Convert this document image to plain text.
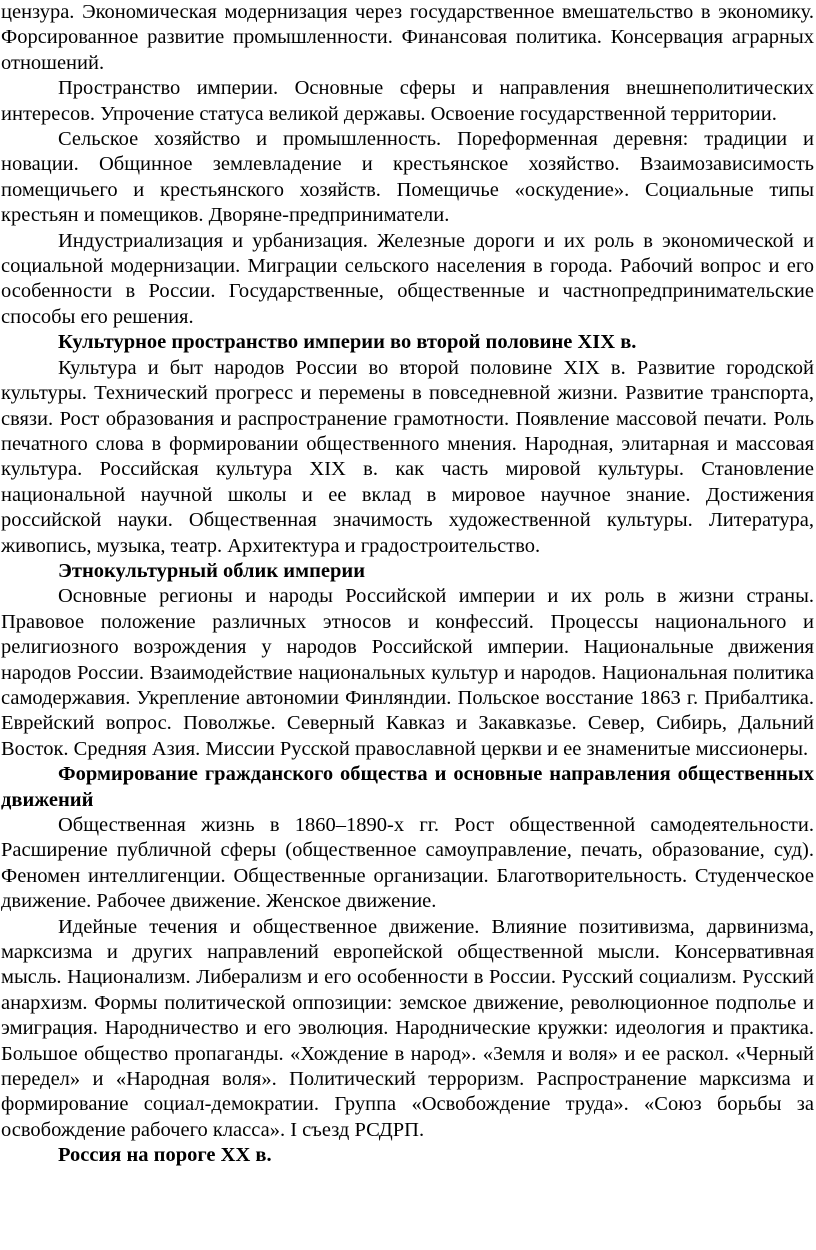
цензура. Экономическая модернизация через государственное вмешательство в экономику. Форсированное развитие промышленности. Финансовая политика. Консервация аграрных отношений.

Пространство империи. Основные сферы и направления внешнеполитических интересов. Упрочение статуса великой державы. Освоение государственной территории.

Сельское хозяйство и промышленность. Пореформенная деревня: традиции и новации. Общинное землевладение и крестьянское хозяйство. Взаимозависимость помещичьего и крестьянского хозяйств. Помещичье «оскудение». Социальные типы крестьян и помещиков. Дворяне-предприниматели.

Индустриализация и урбанизация. Железные дороги и их роль в экономической и социальной модернизации. Миграции сельского населения в города. Рабочий вопрос и его особенности в России. Государственные, общественные и частнопредпринимательские способы его решения.

Культурное пространство империи во второй половине XIX в.

Культура и быт народов России во второй половине XIX в. Развитие городской культуры. Технический прогресс и перемены в повседневной жизни. Развитие транспорта, связи. Рост образования и распространение грамотности. Появление массовой печати. Роль печатного слова в формировании общественного мнения. Народная, элитарная и массовая культура. Российская культура XIX в. как часть мировой культуры. Становление национальной научной школы и ее вклад в мировое научное знание. Достижения российской науки. Общественная значимость художественной культуры. Литература, живопись, музыка, театр. Архитектура и градостроительство.

Этнокультурный облик империи

Основные регионы и народы Российской империи и их роль в жизни страны. Правовое положение различных этносов и конфессий. Процессы национального и религиозного возрождения у народов Российской империи. Национальные движения народов России. Взаимодействие национальных культур и народов. Национальная политика самодержавия. Укрепление автономии Финляндии. Польское восстание 1863 г. Прибалтика. Еврейский вопрос. Поволжье. Северный Кавказ и Закавказье. Север, Сибирь, Дальний Восток. Средняя Азия. Миссии Русской православной церкви и ее знаменитые миссионеры.

Формирование гражданского общества и основные направления общественных движений

Общественная жизнь в 1860–1890-х гг. Рост общественной самодеятельности. Расширение публичной сферы (общественное самоуправление, печать, образование, суд). Феномен интеллигенции. Общественные организации. Благотворительность. Студенческое движение. Рабочее движение. Женское движение.

Идейные течения и общественное движение. Влияние позитивизма, дарвинизма, марксизма и других направлений европейской общественной мысли. Консервативная мысль. Национализм. Либерализм и его особенности в России. Русский социализм. Русский анархизм. Формы политической оппозиции: земское движение, революционное подполье и эмиграция. Народничество и его эволюция. Народнические кружки: идеология и практика. Большое общество пропаганды. «Хождение в народ». «Земля и воля» и ее раскол. «Черный передел» и «Народная воля». Политический терроризм. Распространение марксизма и формирование социал-демократии. Группа «Освобождение труда». «Союз борьбы за освобождение рабочего класса». I съезд РСДРП.

Россия на пороге XX в.
